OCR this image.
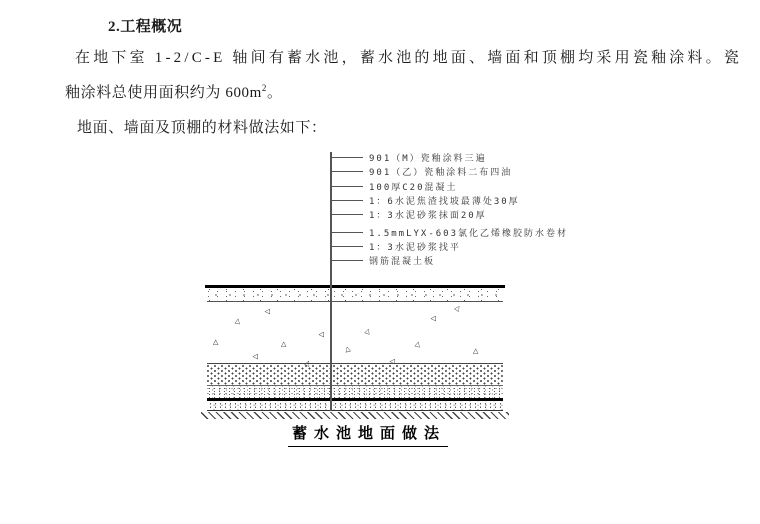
2.工程概况
在地下室 1-2/C-E 轴间有蓄水池，蓄水池的地面、墙面和顶棚均采用瓷釉涂料。瓷
釉涂料总使用面积约为 $600m^2$。
地面、墙面及顶棚的材料做法如下：
△
△
△
△
△
△
△	△	△
△
△
△
△
蓄水池地面做法
901（M）瓷釉涂料三遍
901（乙）瓷釉涂料二布四油
100厚C20混凝土
1：6水泥焦渣找坡最薄处30厚
1：3水泥砂浆抹面20厚
1.5mmLYX-603氯化乙烯橡胶防水卷材
1：3水泥砂浆找平
钢筋混凝土板
